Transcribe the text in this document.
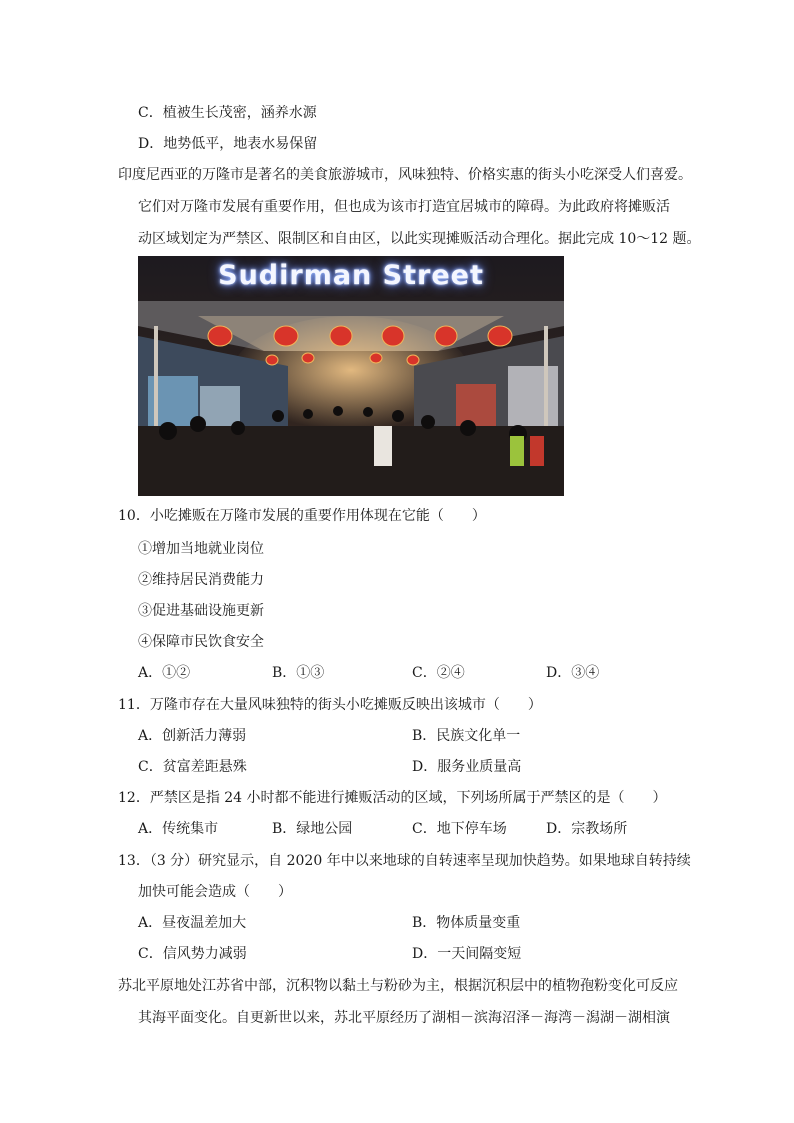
C．植被生长茂密，涵养水源
D．地势低平，地表水易保留
印度尼西亚的万隆市是著名的美食旅游城市，风味独特、价格实惠的街头小吃深受人们喜爱。
它们对万隆市发展有重要作用，但也成为该市打造宜居城市的障碍。为此政府将摊贩活
动区域划定为严禁区、限制区和自由区，以此实现摊贩活动合理化。据此完成 10～12 题。
Sudirman Street
10．小吃摊贩在万隆市发展的重要作用体现在它能（　　）
①增加当地就业岗位
②维持居民消费能力
③促进基础设施更新
④保障市民饮食安全
A．①②	B．①③	C．②④	D．③④
11．万隆市存在大量风味独特的街头小吃摊贩反映出该城市（　　）
A．创新活力薄弱	B．民族文化单一
C．贫富差距悬殊	D．服务业质量高
12．严禁区是指 24 小时都不能进行摊贩活动的区域，下列场所属于严禁区的是（　　）
A．传统集市	B．绿地公园	C．地下停车场	D．宗教场所
13．（3 分）研究显示，自 2020 年中以来地球的自转速率呈现加快趋势。如果地球自转持续
加快可能会造成（　　）
A．昼夜温差加大	B．物体质量变重
C．信风势力减弱	D．一天间隔变短
苏北平原地处江苏省中部，沉积物以黏土与粉砂为主，根据沉积层中的植物孢粉变化可反应
其海平面变化。自更新世以来，苏北平原经历了湖相－滨海沼泽－海湾－潟湖－湖相演
